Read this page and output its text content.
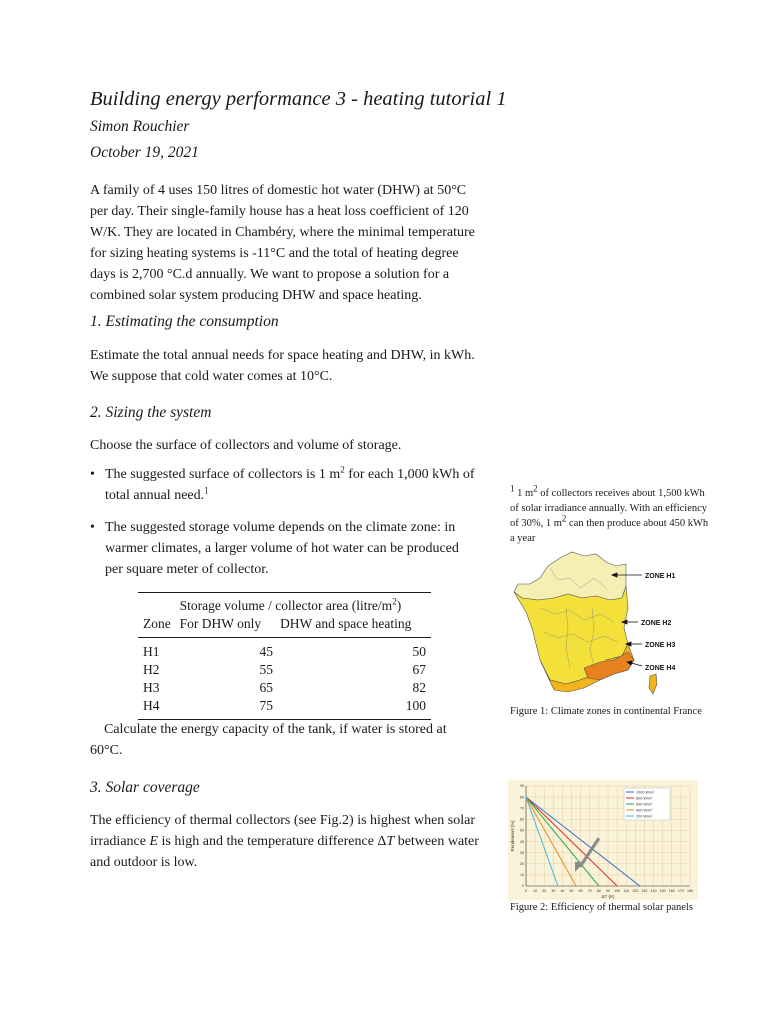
Building energy performance 3 - heating tutorial 1
Simon Rouchier
October 19, 2021
A family of 4 uses 150 litres of domestic hot water (DHW) at 50°C per day. Their single-family house has a heat loss coefficient of 120 W/K. They are located in Chambéry, where the minimal temperature for sizing heating systems is -11°C and the total of heating degree days is 2,700 °C.d annually. We want to propose a solution for a combined solar system producing DHW and space heating.
1. Estimating the consumption
Estimate the total annual needs for space heating and DHW, in kWh. We suppose that cold water comes at 10°C.
2. Sizing the system
Choose the surface of collectors and volume of storage.
• The suggested surface of collectors is 1 $m^2$ for each 1,000 kWh of total annual need.$^1$
• The suggested storage volume depends on the climate zone: in warmer climates, a larger volume of hot water can be produced per square meter of collector.
	Storage volume / collector area $(litre/m^2)$	
Zone	For DHW only	DHW and space heating
H1	45	50
H2	55	67
H3	65	82
H4	75	100
Calculate the energy capacity of the tank, if water is stored at 60°C.
3. Solar coverage
The efficiency of thermal collectors (see Fig.2) is highest when solar irradiance E is high and the temperature difference ΔT between water and outdoor is low.
$^1$ 1 $m^2$ of collectors receives about 1,500 kWh of solar irradiance annually. With an efficiency of 30%, 1 $m^2$ can then produce about 450 kWh a year
ZONE H1
ZONE H2
ZONE H3
ZONE H4
Figure 1: Climate zones in continental France
0 10 20 30 40 50 60 70 80 90 100 110 120 130 140 150 160 170 180
0
10
20
30
40
50
60
70
80
90
ΔT (K)
Rendement [%]
1000 W/m²
800 W/m²
600 W/m²
400 W/m²
200 W/m²
Figure 2: Efficiency of thermal solar panels
